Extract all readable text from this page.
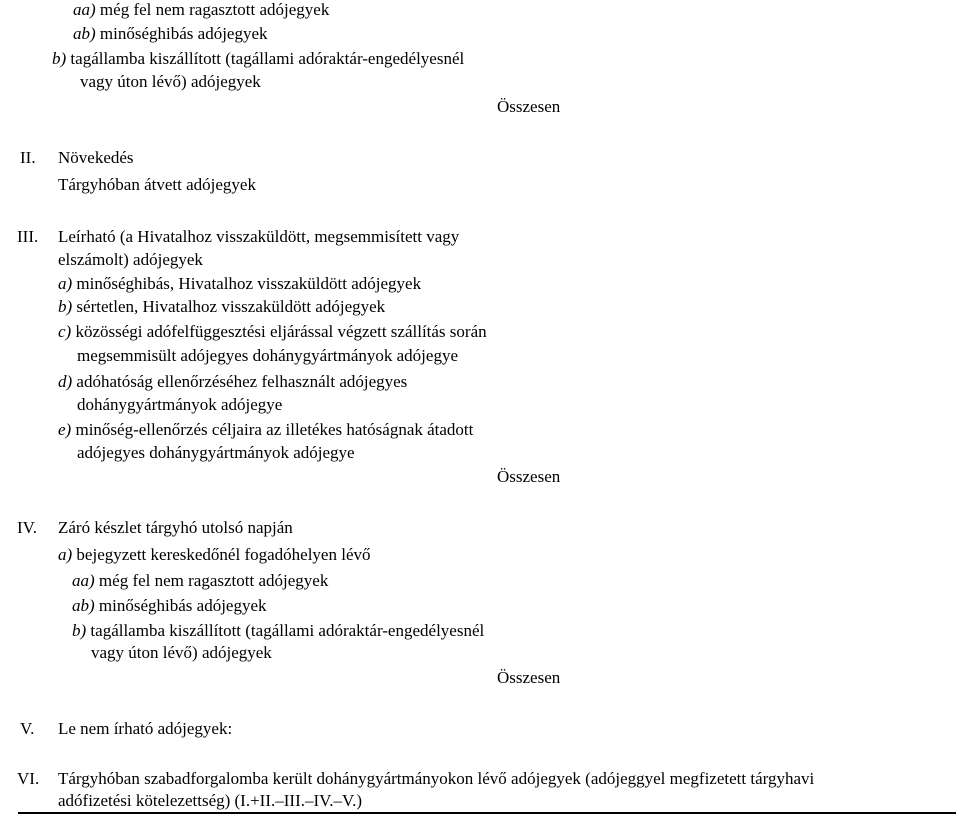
aa) még fel nem ragasztott adójegyek
ab) minőséghibás adójegyek
b) tagállamba kiszállított (tagállami adóraktár-engedélyesnél
vagy úton lévő) adójegyek
Összesen
II. Növekedés
Tárgyhóban átvett adójegyek
III. Leírható (a Hivatalhoz visszaküldött, megsemmisített vagy
elszámolt) adójegyek
a) minőséghibás, Hivatalhoz visszaküldött adójegyek
b) sértetlen, Hivatalhoz visszaküldött adójegyek
c) közösségi adófelfüggesztési eljárással végzett szállítás során
megsemmisült adójegyes dohánygyártmányok adójegye
d) adóhatóság ellenőrzéséhez felhasznált adójegyes
dohánygyártmányok adójegye
e) minőség-ellenőrzés céljaira az illetékes hatóságnak átadott
adójegyes dohánygyártmányok adójegye
Összesen
IV. Záró készlet tárgyhó utolsó napján
a) bejegyzett kereskedőnél fogadóhelyen lévő
aa) még fel nem ragasztott adójegyek
ab) minőséghibás adójegyek
b) tagállamba kiszállított (tagállami adóraktár-engedélyesnél
vagy úton lévő) adójegyek
Összesen
V. Le nem írható adójegyek:
VI. Tárgyhóban szabadforgalomba került dohánygyártmányokon lévő adójegyek (adójeggyel megfizetett tárgyhavi
adófizetési kötelezettség) (I.+II.–III.–IV.–V.)
